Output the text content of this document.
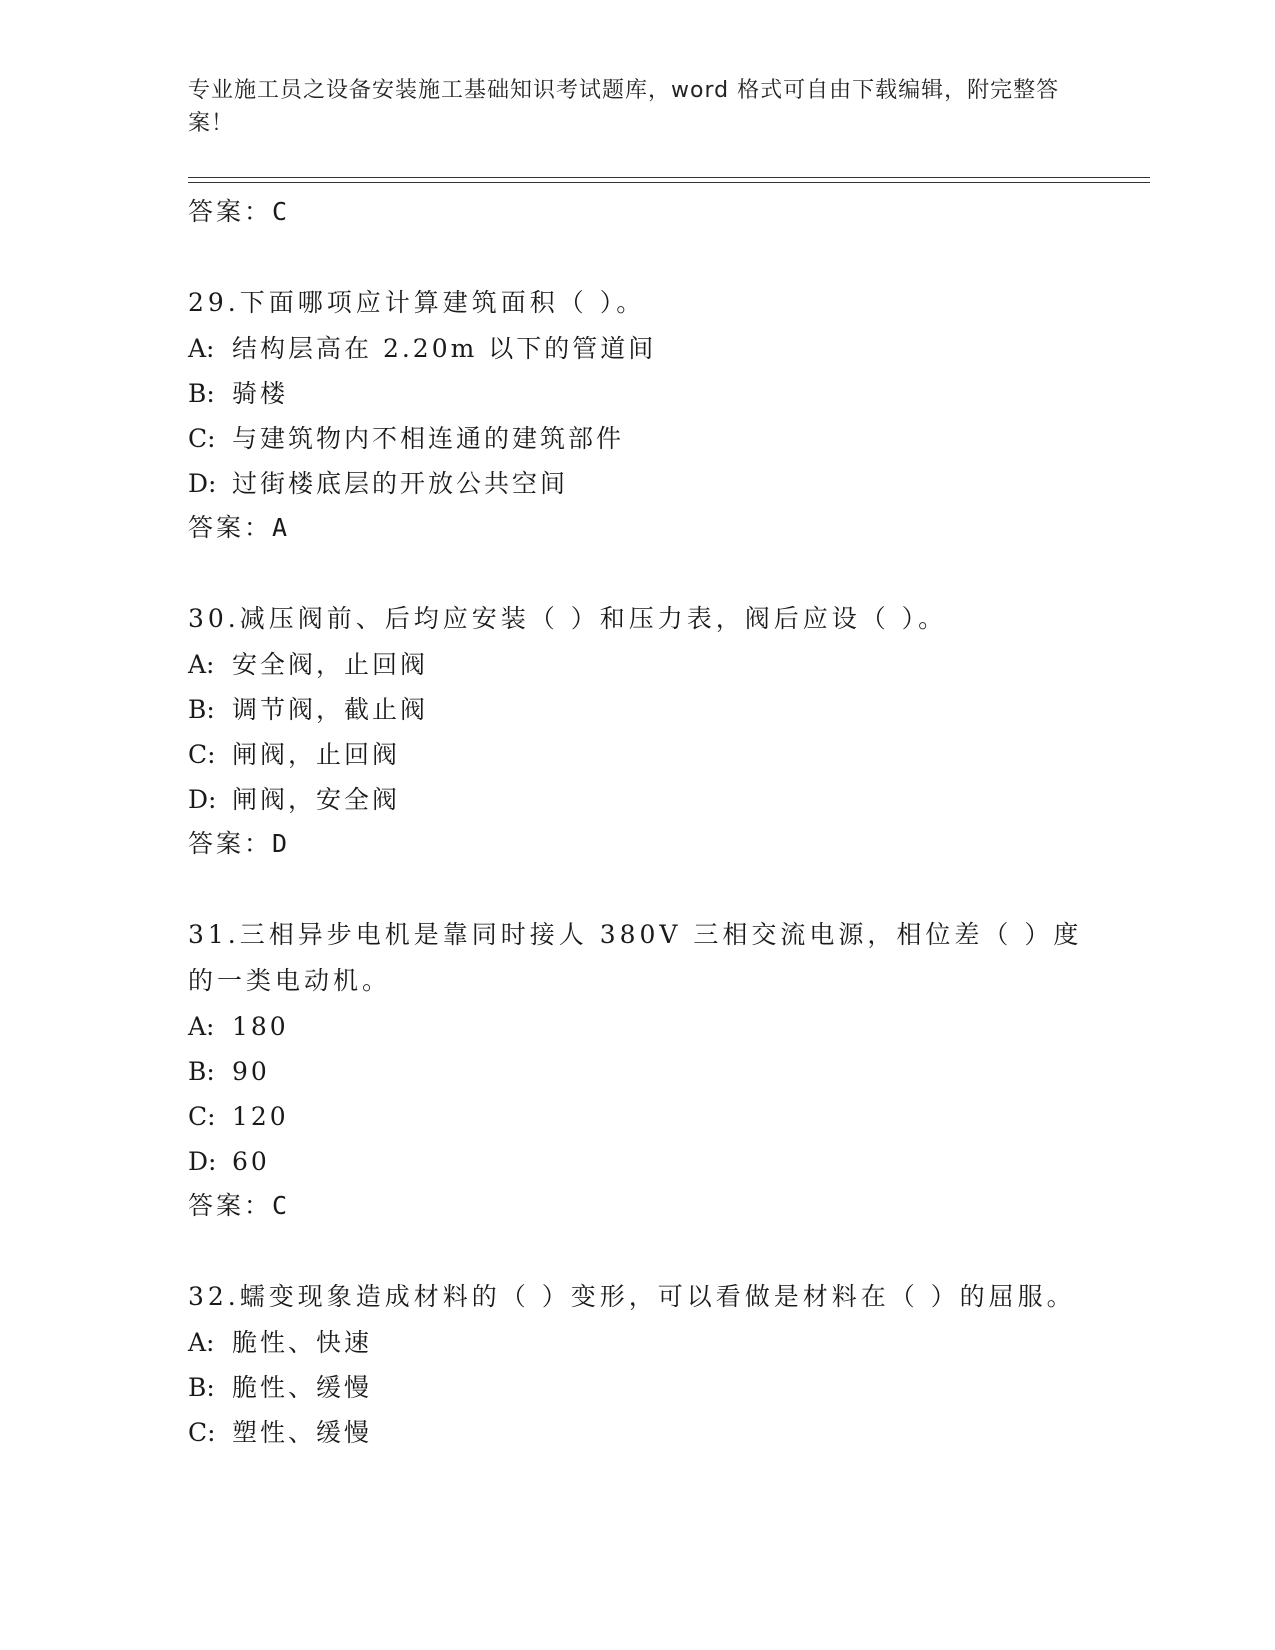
专业施工员之设备安装施工基础知识考试题库，word 格式可自由下载编辑，附完整答案！

答案：C

29.下面哪项应计算建筑面积（ ）。

A: 结构层高在 2.20m 以下的管道间

B: 骑楼

C: 与建筑物内不相连通的建筑部件

D: 过街楼底层的开放公共空间

答案：A

30.减压阀前、后均应安装（ ）和压力表，阀后应设（ ）。

A: 安全阀，止回阀

B: 调节阀，截止阀

C: 闸阀，止回阀

D: 闸阀，安全阀

答案：D

31.三相异步电机是靠同时接人 380V 三相交流电源，相位差（ ）度的一类电动机。

A: 180

B: 90

C: 120

D: 60

答案：C

32.蠕变现象造成材料的（ ）变形，可以看做是材料在（ ）的屈服。

A: 脆性、快速

B: 脆性、缓慢

C: 塑性、缓慢
